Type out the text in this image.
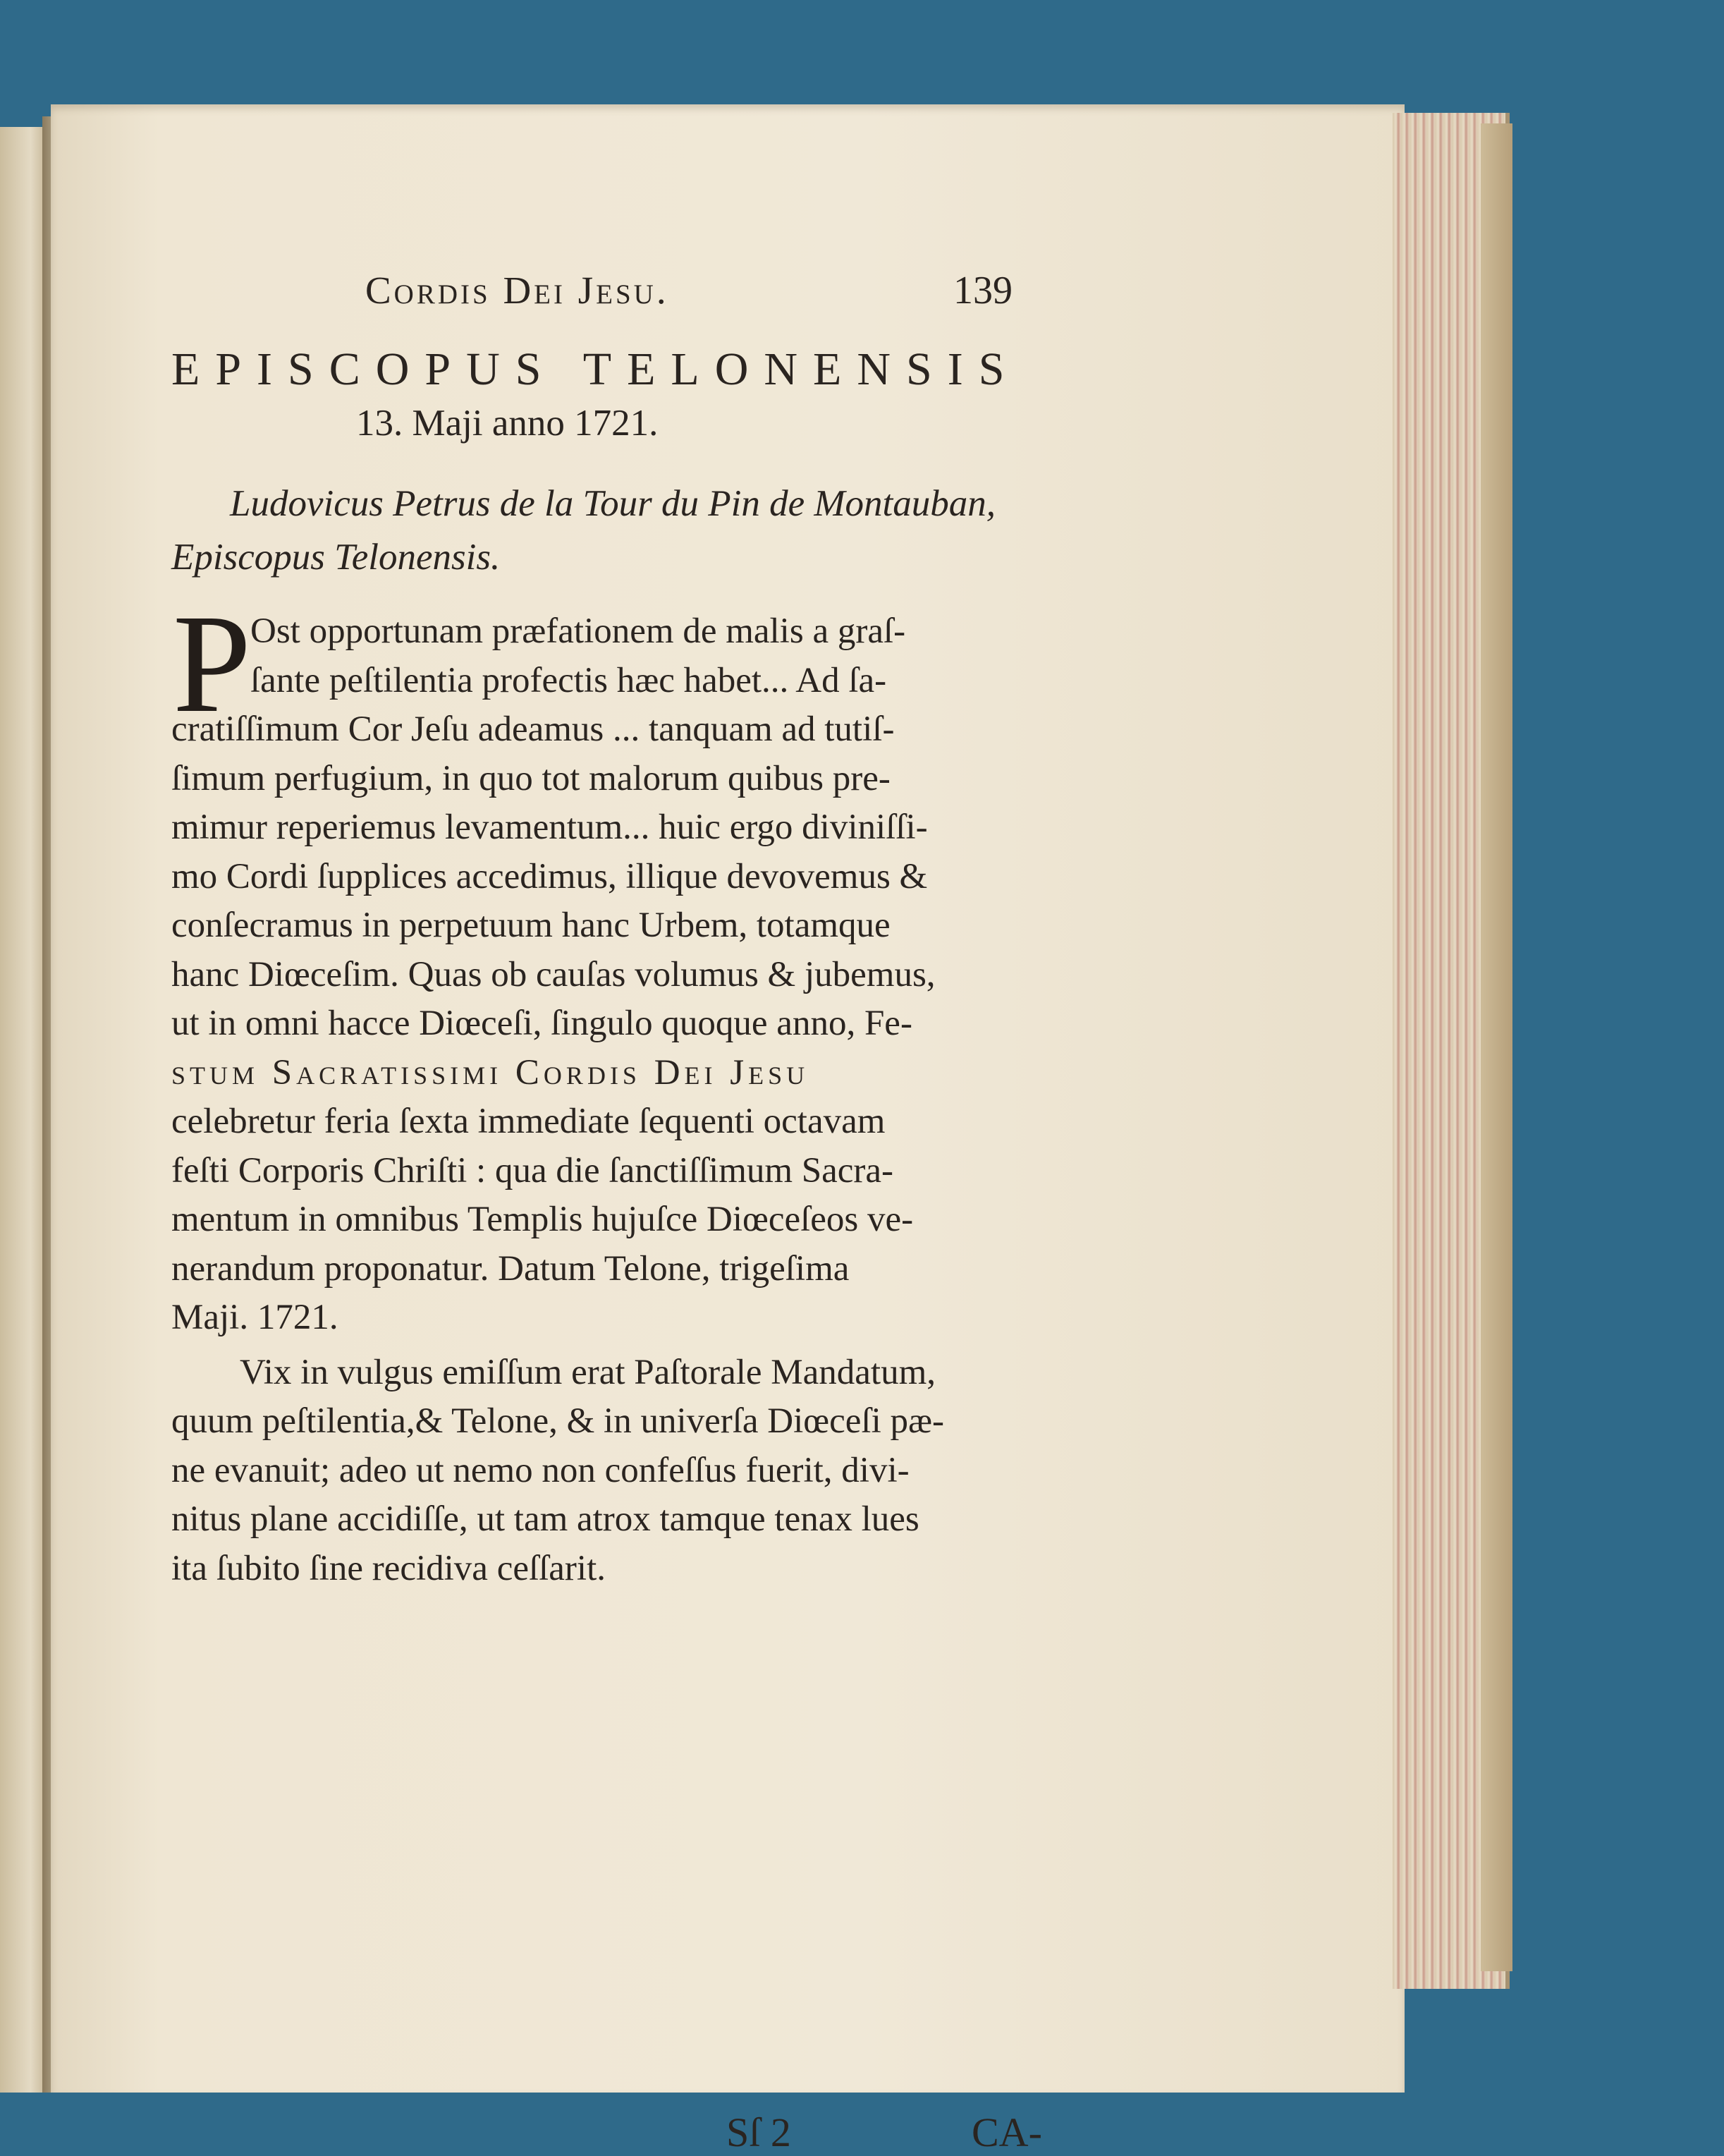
Cordis Dei Jesu.	139

EPISCOPUS TELONENSIS

13. Maji anno 1721.

Ludovicus Petrus de la Tour du Pin de Montauban,

Episcopus Telonensis.

P

Ost opportunam præfationem de malis a graſ-

ſante peſtilentia profectis hæc habet... Ad ſa-

cratiſſimum Cor Jeſu adeamus ... tanquam ad tutiſ-

ſimum perfugium, in quo tot malorum quibus pre-

mimur reperiemus levamentum... huic ergo diviniſſi-

mo Cordi ſupplices accedimus, illique devovemus &

conſecramus in perpetuum hanc Urbem, totamque

hanc Diœceſim. Quas ob cauſas volumus & jubemus,

ut in omni hacce Diœceſi, ſingulo quoque anno, Fe-

stum Sacratissimi Cordis Dei Jesu

celebretur feria ſexta immediate ſequenti octavam

feſti Corporis Chriſti : qua die ſanctiſſimum Sacra-

mentum in omnibus Templis hujuſce Diœceſeos ve-

nerandum proponatur. Datum Telone, trigeſima

Maji. 1721.

Vix in vulgus emiſſum erat Paſtorale Mandatum,

quum peſtilentia,& Telone, & in univerſa Diœceſi pæ-

ne evanuit; adeo ut nemo non confeſſus fuerit, divi-

nitus plane accidiſſe, ut tam atrox tamque tenax lues

ita ſubito ſine recidiva ceſſarit.

Sſ 2	CA-
